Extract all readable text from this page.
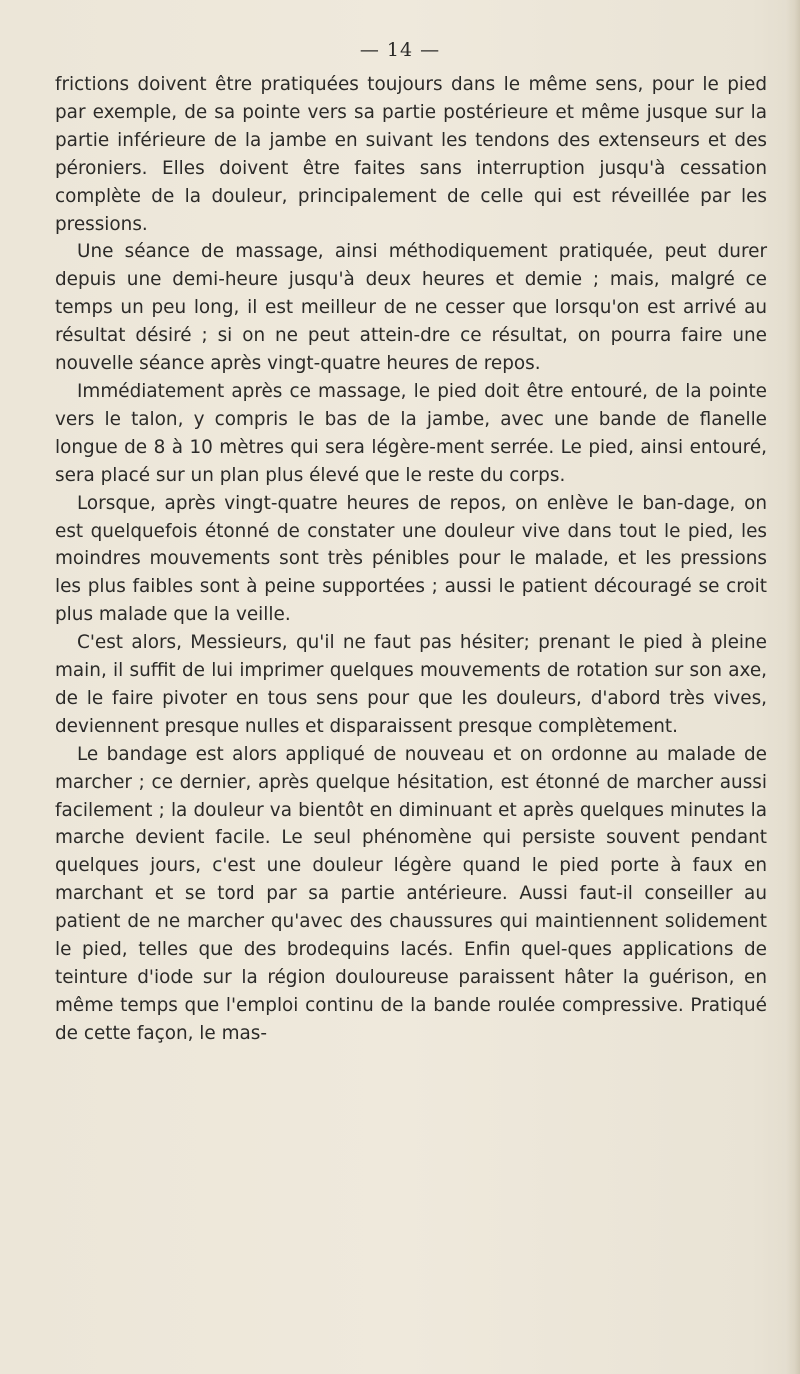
— 14 —

frictions doivent être pratiquées toujours dans le même sens, pour le pied par exemple, de sa pointe vers sa partie postérieure et même jusque sur la partie inférieure de la jambe en suivant les tendons des extenseurs et des péroniers. Elles doivent être faites sans interruption jusqu'à cessation complète de la douleur, principalement de celle qui est réveillée par les pressions.

Une séance de massage, ainsi méthodiquement pratiquée, peut durer depuis une demi-heure jusqu'à deux heures et demie ; mais, malgré ce temps un peu long, il est meilleur de ne cesser que lorsqu'on est arrivé au résultat désiré ; si on ne peut attein-dre ce résultat, on pourra faire une nouvelle séance après vingt-quatre heures de repos.

Immédiatement après ce massage, le pied doit être entouré, de la pointe vers le talon, y compris le bas de la jambe, avec une bande de flanelle longue de 8 à 10 mètres qui sera légère-ment serrée. Le pied, ainsi entouré, sera placé sur un plan plus élevé que le reste du corps.

Lorsque, après vingt-quatre heures de repos, on enlève le ban-dage, on est quelquefois étonné de constater une douleur vive dans tout le pied, les moindres mouvements sont très pénibles pour le malade, et les pressions les plus faibles sont à peine supportées ; aussi le patient découragé se croit plus malade que la veille.

C'est alors, Messieurs, qu'il ne faut pas hésiter; prenant le pied à pleine main, il suffit de lui imprimer quelques mouvements de rotation sur son axe, de le faire pivoter en tous sens pour que les douleurs, d'abord très vives, deviennent presque nulles et disparaissent presque complètement.

Le bandage est alors appliqué de nouveau et on ordonne au malade de marcher ; ce dernier, après quelque hésitation, est étonné de marcher aussi facilement ; la douleur va bientôt en diminuant et après quelques minutes la marche devient facile. Le seul phénomène qui persiste souvent pendant quelques jours, c'est une douleur légère quand le pied porte à faux en marchant et se tord par sa partie antérieure. Aussi faut-il conseiller au patient de ne marcher qu'avec des chaussures qui maintiennent solidement le pied, telles que des brodequins lacés. Enfin quel-ques applications de teinture d'iode sur la région douloureuse paraissent hâter la guérison, en même temps que l'emploi continu de la bande roulée compressive. Pratiqué de cette façon, le mas-
